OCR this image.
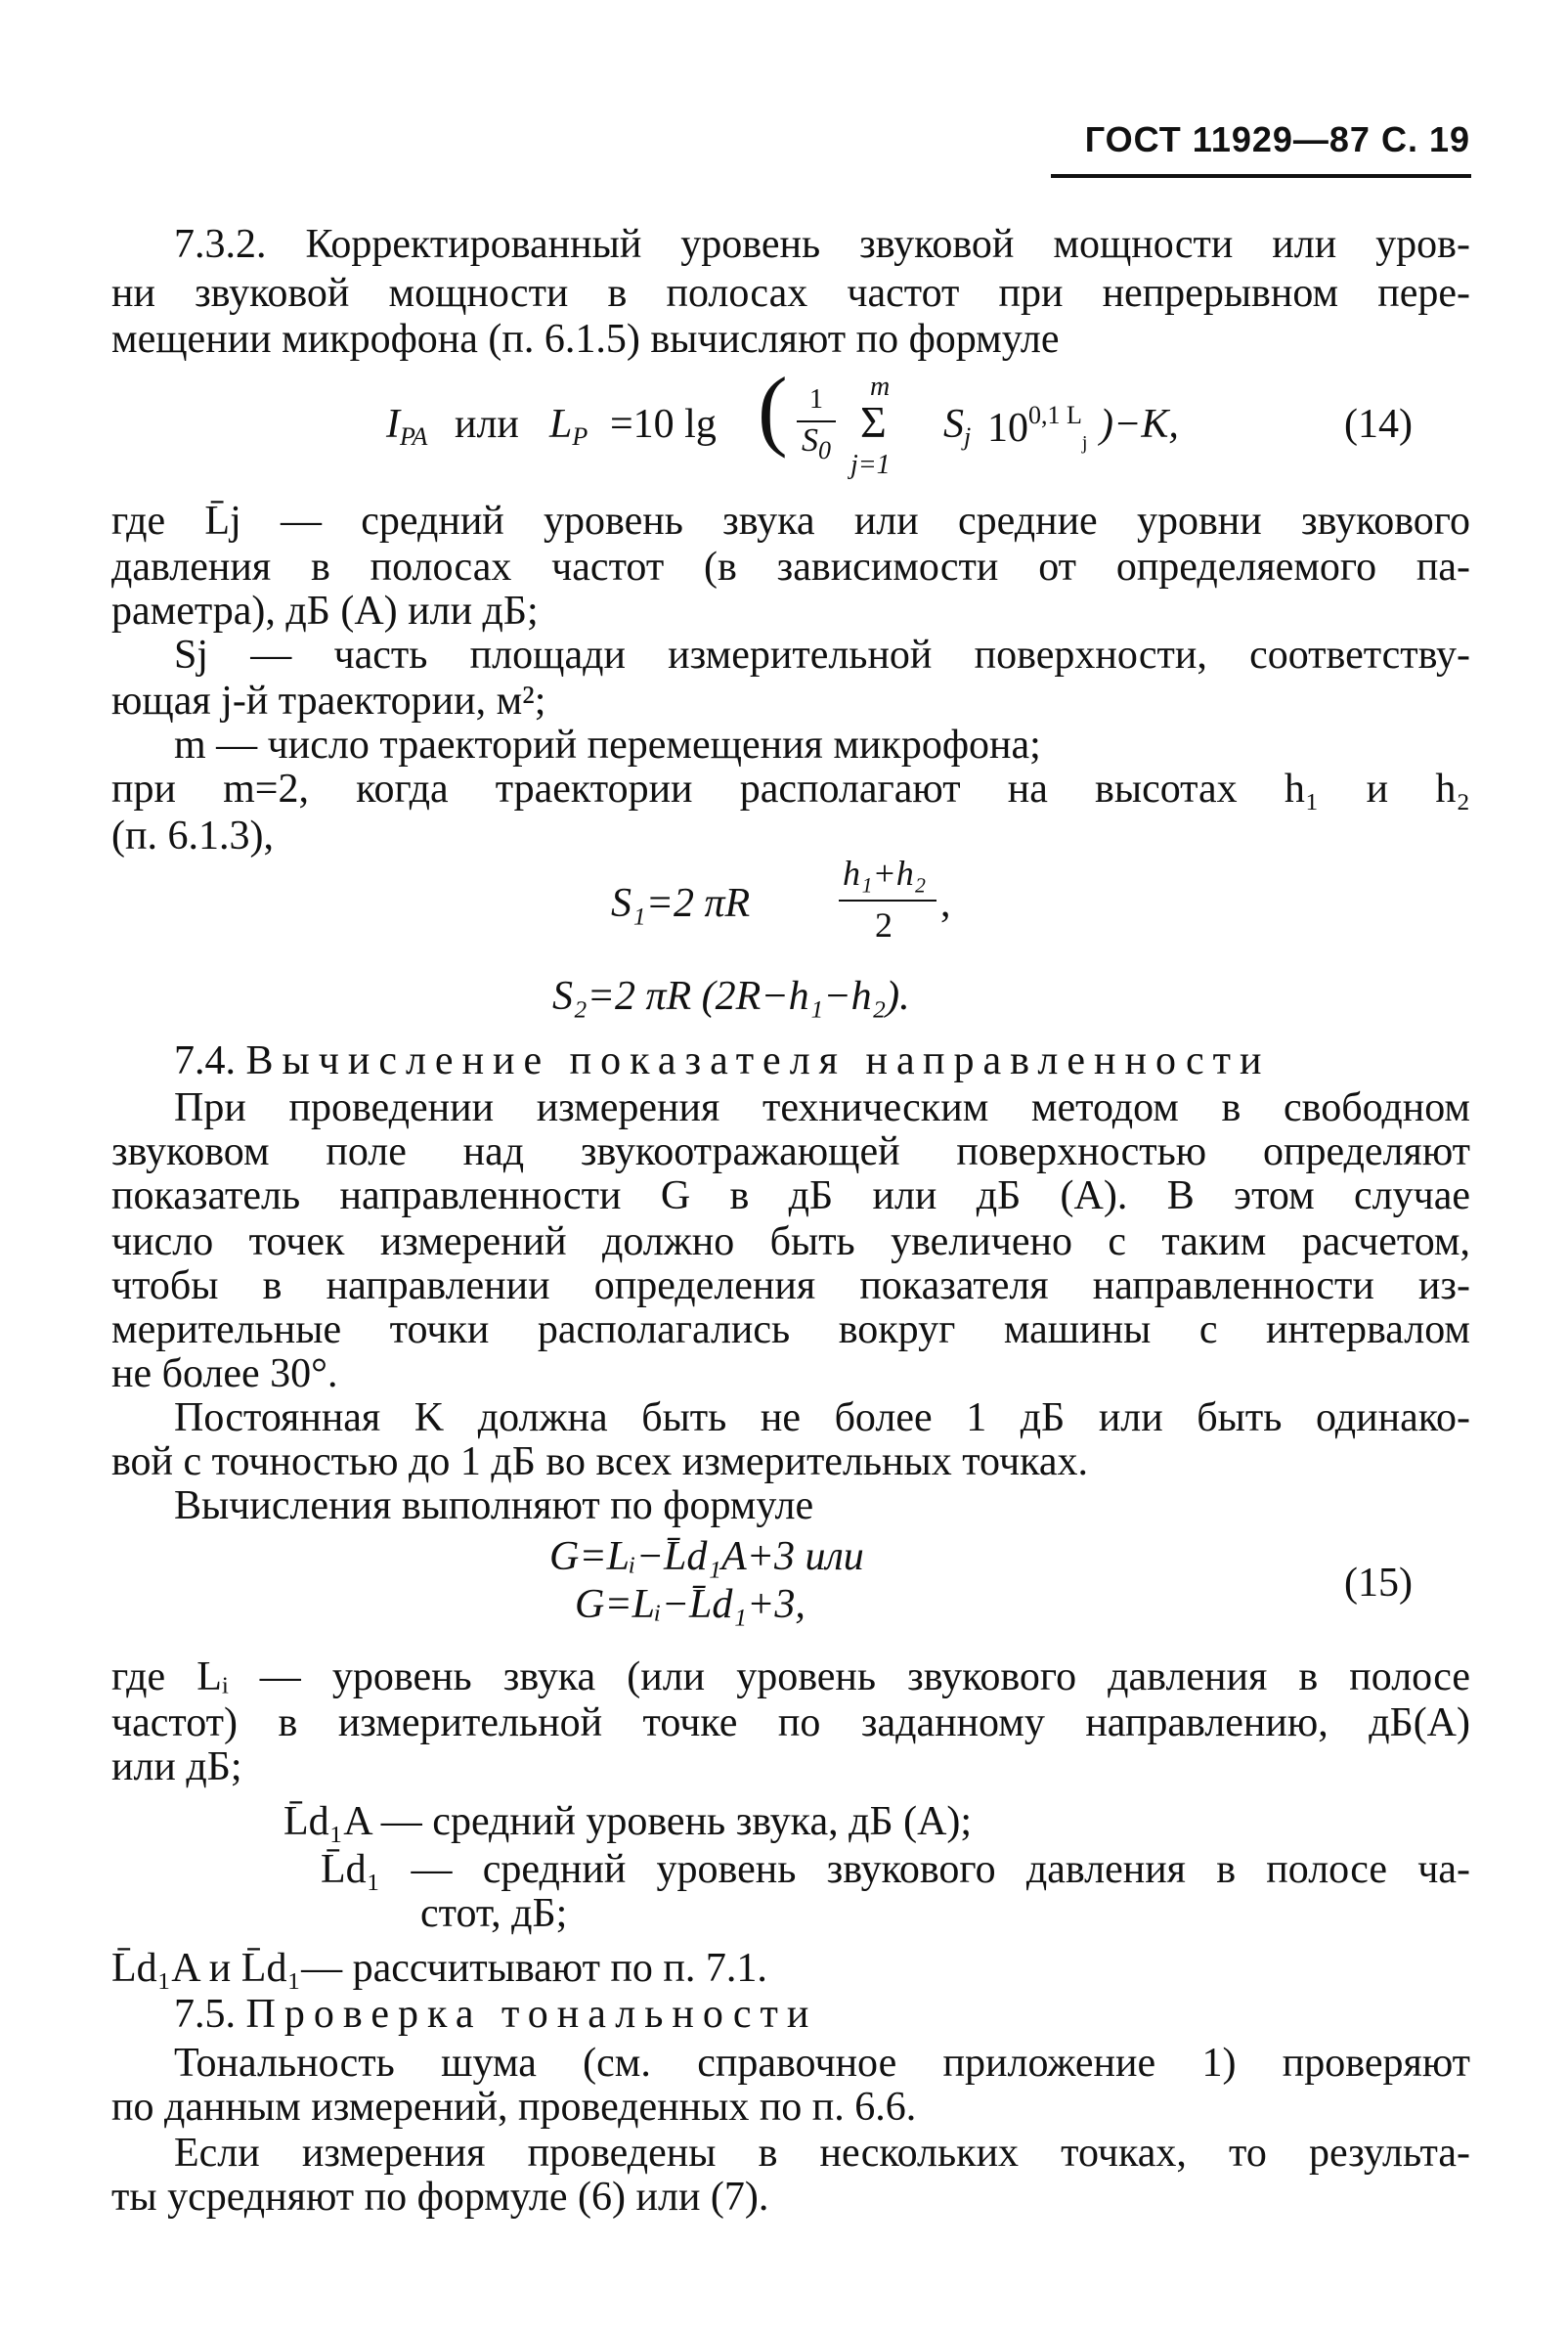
ГОСТ 11929—87 С. 19
7.3.2. Корректированный уровень звуковой мощности или уров-
ни звуковой мощности в полосах частот при непрерывном пере-
мещении микрофона (п. 6.1.5) вычисляют по формуле
$I_{PA}$ или $L_P =10$ lg ( 1
$S_0$
m
Σ
j=1
$S_j$ $10^{0,1 L}_j$ )−K,	(14)
где L̄j — средний уровень звука или средние уровни звукового
давления в полосах частот (в зависимости от определяемого па-
раметра), дБ (A) или дБ;
Sj — часть площади измерительной поверхности, соответству-
ющая j-й траектории, м²;
m — число траекторий перемещения микрофона;
при m=2, когда траектории располагают на высотах h₁ и h₂
(п. 6.1.3),
S₁=2 πR
h₁+h₂
2 ,
S₂=2 πR (2R−h₁−h₂).
7.4. Вычисление показателя направленности
При проведении измерения техническим методом в свободном
звуковом поле над звукоотражающей поверхностью определяют
показатель направленности G в дБ или дБ (A). В этом случае
число точек измерений должно быть увеличено с таким расчетом,
чтобы в направлении определения показателя направленности из-
мерительные точки располагались вокруг машины с интервалом
не более 30°.
Постоянная K должна быть не более 1 дБ или быть одинако-
вой с точностью до 1 дБ во всех измерительных точках.
Вычисления выполняют по формуле
G=Lᵢ−L̄d₁A+3 или
G=Lᵢ−L̄d₁+3,	(15)
где Lᵢ — уровень звука (или уровень звукового давления в полосе
частот) в измерительной точке по заданному направлению, дБ(A)
или дБ;
L̄d₁A — средний уровень звука, дБ (A);
L̄d₁ — средний уровень звукового давления в полосе ча-
стот, дБ;
L̄d₁A и L̄d₁— рассчитывают по п. 7.1.
7.5. Проверка тональности
Тональность шума (см. справочное приложение 1) проверяют
по данным измерений, проведенных по п. 6.6.
Если измерения проведены в нескольких точках, то результа-
ты усредняют по формуле (6) или (7).
